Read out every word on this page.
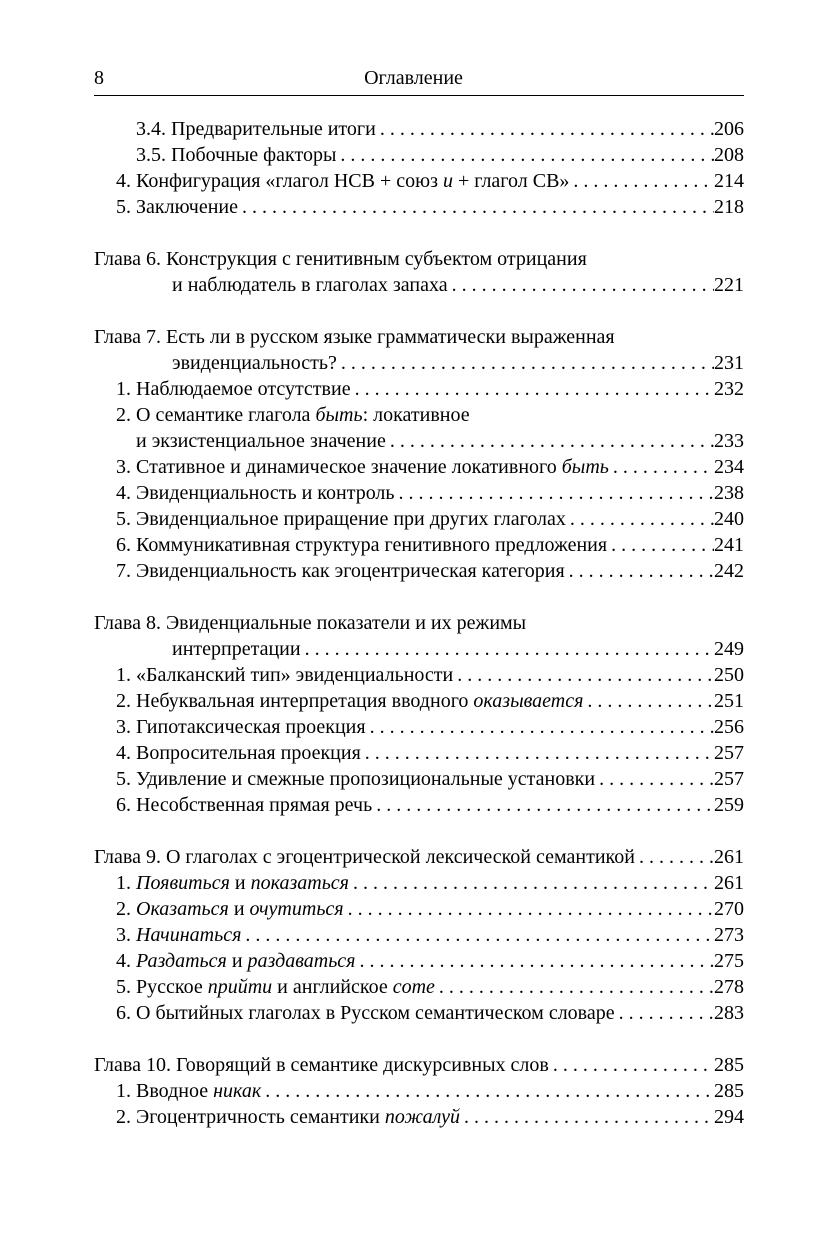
8	Оглавление
3.4. Предварительные итоги . . .	206
3.5. Побочные факторы . . .	208
4. Конфигурация «глагол НСВ + союз и + глагол СВ» . . .	214
5. Заключение . . .	218
Глава 6. Конструкция с генитивным субъектом отрицания
и наблюдатель в глаголах запаха . . .	221
Глава 7. Есть ли в русском языке грамматически выраженная
эвиденциальность? . . .	231
1. Наблюдаемое отсутствие . . .	232
2. О семантике глагола быть: локативное
и экзистенциальное значение . . .	233
3. Стативное и динамическое значение локативного быть . . .	234
4. Эвиденциальность и контроль . . .	238
5. Эвиденциальное приращение при других глаголах . . .	240
6. Коммуникативная структура генитивного предложения . . .	241
7. Эвиденциальность как эгоцентрическая категория . . .	242
Глава 8. Эвиденциальные показатели и их режимы
интерпретации . . .	249
1. «Балканский тип» эвиденциальности . . .	250
2. Небуквальная интерпретация вводного оказывается . . .	251
3. Гипотаксическая проекция . . .	256
4. Вопросительная проекция . . .	257
5. Удивление и смежные пропозициональные установки . . .	257
6. Несобственная прямая речь . . .	259
Глава 9. О глаголах с эгоцентрической лексической семантикой . . .	261
1. Появиться и показаться . . .	261
2. Оказаться и очутиться . . .	270
3. Начинаться . . .	273
4. Раздаться и раздаваться . . .	275
5. Русское прийти и английское come . . .	278
6. О бытийных глаголах в Русском семантическом словаре . . .	283
Глава 10. Говорящий в семантике дискурсивных слов . . .	285
1. Вводное никак . . .	285
2. Эгоцентричность семантики пожалуй . . .	294
